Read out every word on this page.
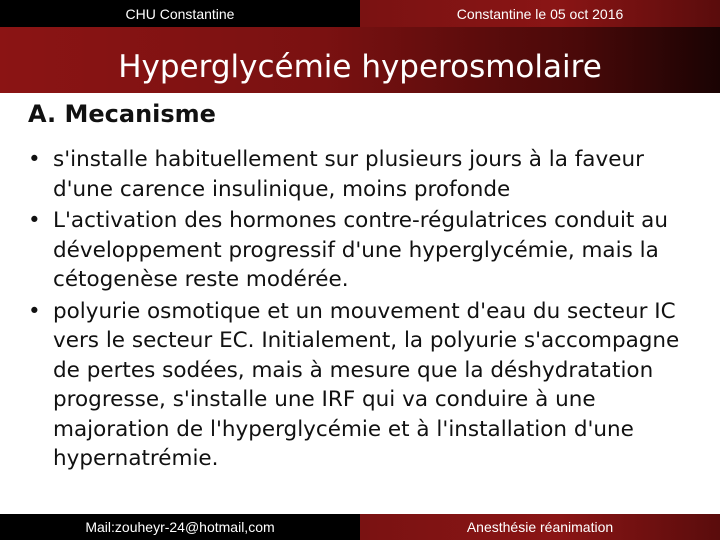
CHU Constantine	Constantine le 05 oct 2016
Hyperglycémie hyperosmolaire
A. Mecanisme
• s'installe habituellement sur plusieurs jours à la faveur d'une carence insulinique, moins profonde
• L'activation des hormones contre-régulatrices conduit au développement progressif d'une hyperglycémie, mais la cétogenèse reste modérée.
• polyurie osmotique et un mouvement d'eau du secteur IC vers le secteur EC. Initialement, la polyurie s'accompagne de pertes sodées, mais à mesure que la déshydratation progresse, s'installe une IRF qui va conduire à une majoration de l'hyperglycémie et à l'installation d'une hypernatrémie.
Mail:zouheyr-24@hotmail,com	Anesthésie réanimation
